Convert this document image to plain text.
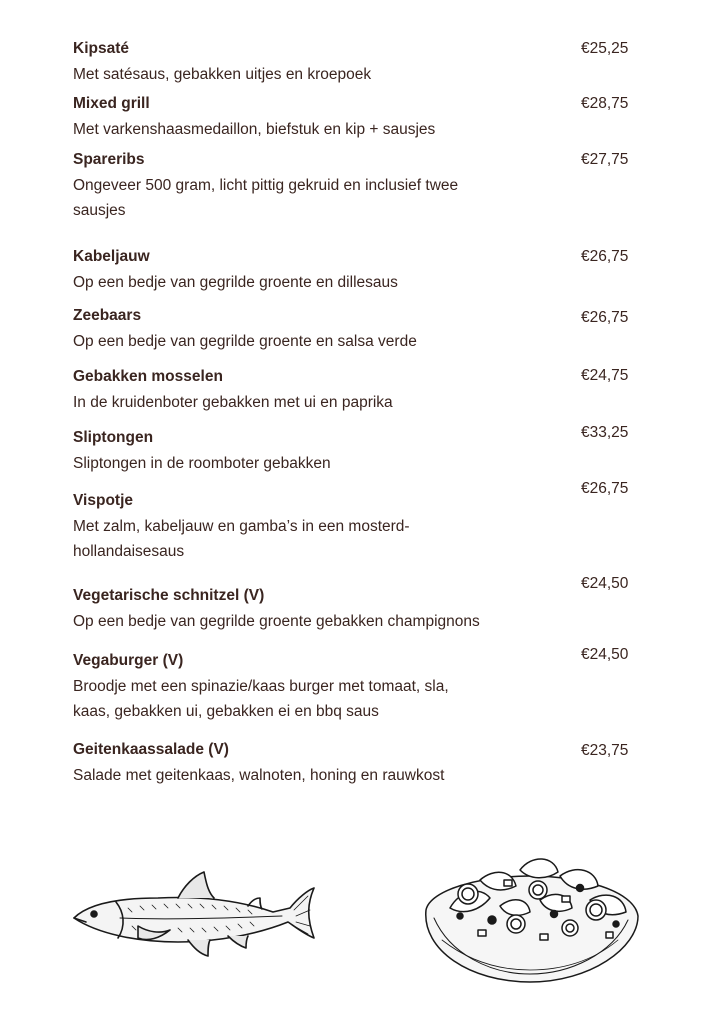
Kipsaté
Met satésaus, gebakken uitjes en kroepoek
€25,25
Mixed grill
Met varkenshaasmedaillon, biefstuk en kip + sausjes
€28,75
Spareribs
Ongeveer 500 gram, licht pittig gekruid en inclusief twee sausjes
€27,75
Kabeljauw
Op een bedje van gegrilde groente en dillesaus
€26,75
Zeebaars
Op een bedje van gegrilde groente en salsa verde
€26,75
Gebakken mosselen
In de kruidenboter gebakken met ui en paprika
€24,75
Sliptongen
Sliptongen in de roomboter gebakken
€33,25
Vispotje
Met zalm, kabeljauw en gamba’s in een mosterd-hollandaisesaus
€26,75
Vegetarische schnitzel (V)
Op een bedje van gegrilde groente gebakken champignons
€24,50
Vegaburger (V)
Broodje met een spinazie/kaas burger met tomaat, sla, kaas, gebakken ui, gebakken ei en bbq saus
€24,50
Geitenkaassalade (V)
Salade met geitenkaas, walnoten, honing en rauwkost
€23,75
